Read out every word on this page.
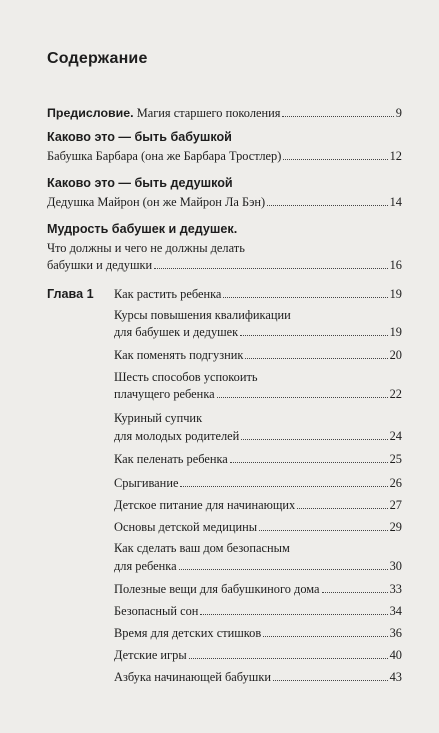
Содержание
Предисловие. Магия старшего поколения	9
Каково это — быть бабушкой
Бабушка Барбара (она же Барбара Тростлер)	12
Каково это — быть дедушкой
Дедушка Майрон (он же Майрон Ла Бэн)	14
Мудрость бабушек и дедушек.
Что должны и чего не должны делать
бабушки и дедушки	16
Глава 1 Как растить ребенка	19
Курсы повышения квалификации
для бабушек и дедушек	19
Как поменять подгузник	20
Шесть способов успокоить
плачущего ребенка	22
Куриный супчик
для молодых родителей	24
Как пеленать ребенка	25
Срыгивание	26
Детское питание для начинающих	27
Основы детской медицины	29
Как сделать ваш дом безопасным
для ребенка	30
Полезные вещи для бабушкиного дома	33
Безопасный сон	34
Время для детских стишков	36
Детские игры	40
Азбука начинающей бабушки	43
